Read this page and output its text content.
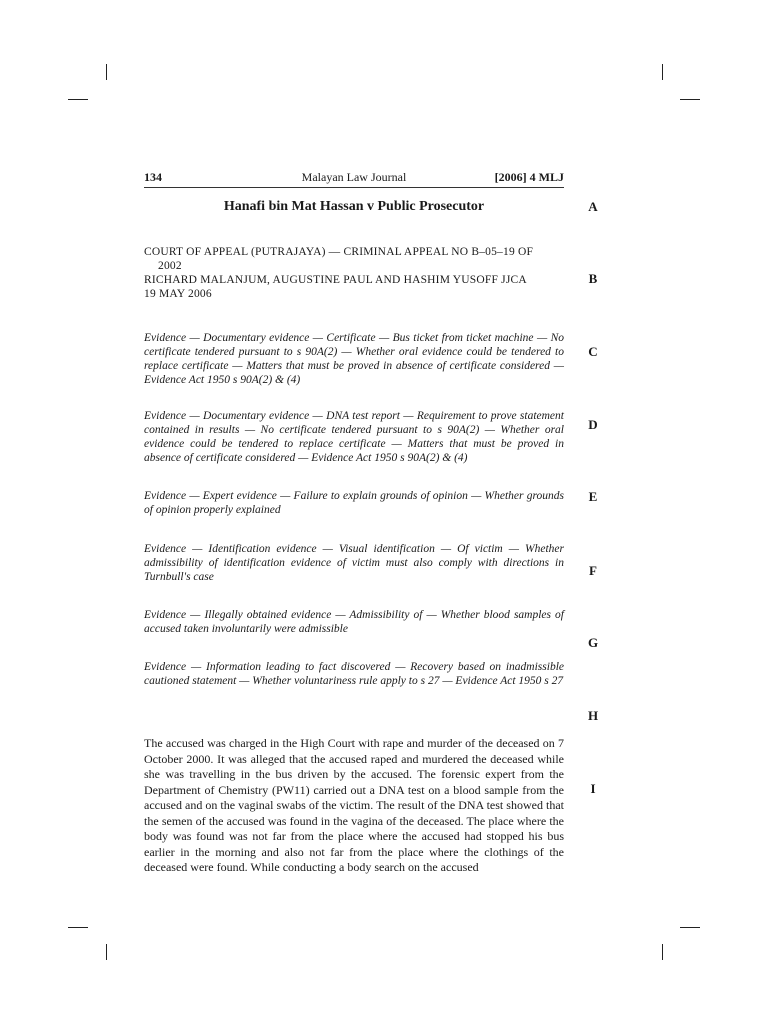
Malayan Law Journal
134	[2006] 4 MLJ
Hanafi bin Mat Hassan v Public Prosecutor
COURT OF APPEAL (PUTRAJAYA) — CRIMINAL APPEAL NO B–05–19 OF
2002
RICHARD MALANJUM, AUGUSTINE PAUL AND HASHIM YUSOFF JJCA
19 MAY 2006
Evidence — Documentary evidence — Certificate — Bus ticket from ticket machine — No certificate tendered pursuant to s 90A(2) — Whether oral evidence could be tendered to replace certificate — Matters that must be proved in absence of certificate considered — Evidence Act 1950 s 90A(2) & (4)
Evidence — Documentary evidence — DNA test report — Requirement to prove statement contained in results — No certificate tendered pursuant to s 90A(2) — Whether oral evidence could be tendered to replace certificate — Matters that must be proved in absence of certificate considered — Evidence Act 1950 s 90A(2) & (4)
Evidence — Expert evidence — Failure to explain grounds of opinion — Whether grounds of opinion properly explained
Evidence — Identification evidence — Visual identification — Of victim — Whether admissibility of identification evidence of victim must also comply with directions in Turnbull's case
Evidence — Illegally obtained evidence — Admissibility of — Whether blood samples of accused taken involuntarily were admissible
Evidence — Information leading to fact discovered — Recovery based on inadmissible cautioned statement — Whether voluntariness rule apply to s 27 — Evidence Act 1950 s 27
The accused was charged in the High Court with rape and murder of the deceased on 7 October 2000. It was alleged that the accused raped and murdered the deceased while she was travelling in the bus driven by the accused. The forensic expert from the Department of Chemistry (PW11) carried out a DNA test on a blood sample from the accused and on the vaginal swabs of the victim. The result of the DNA test showed that the semen of the accused was found in the vagina of the deceased. The place where the body was found was not far from the place where the accused had stopped his bus earlier in the morning and also not far from the place where the clothings of the deceased were found. While conducting a body search on the accused
A
B
C
D
E
F
G
H
I
